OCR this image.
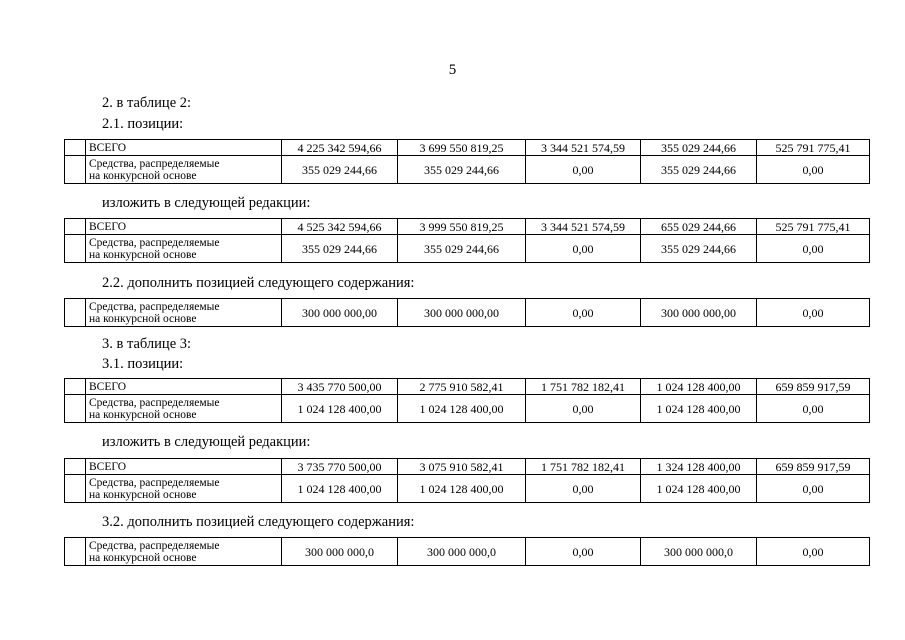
5
2. в таблице 2:
2.1. позиции:
	ВСЕГО	4 225 342 594,66	3 699 550 819,25	3 344 521 574,59	355 029 244,66	525 791 775,41

	Средства, распределяемые
на конкурсной основе	355 029 244,66	355 029 244,66	0,00	355 029 244,66	0,00
изложить в следующей редакции:
	ВСЕГО	4 525 342 594,66	3 999 550 819,25	3 344 521 574,59	655 029 244,66	525 791 775,41

	Средства, распределяемые
на конкурсной основе	355 029 244,66	355 029 244,66	0,00	355 029 244,66	0,00
2.2. дополнить позицией следующего содержания:

Средства, распределяемые
на конкурсной основе	300 000 000,00	300 000 000,00	0,00	300 000 000,00	0,00
3. в таблице 3:
3.1. позиции:
	ВСЕГО	3 435 770 500,00	2 775 910 582,41	1 751 782 182,41	1 024 128 400,00	659 859 917,59

	Средства, распределяемые
на конкурсной основе	1 024 128 400,00	1 024 128 400,00	0,00	1 024 128 400,00	0,00
изложить в следующей редакции:
	ВСЕГО	3 735 770 500,00	3 075 910 582,41	1 751 782 182,41	1 324 128 400,00	659 859 917,59

	Средства, распределяемые
на конкурсной основе	1 024 128 400,00	1 024 128 400,00	0,00	1 024 128 400,00	0,00
3.2. дополнить позицией следующего содержания:

Средства, распределяемые
на конкурсной основе	300 000 000,0	300 000 000,0	0,00	300 000 000,0	0,00
